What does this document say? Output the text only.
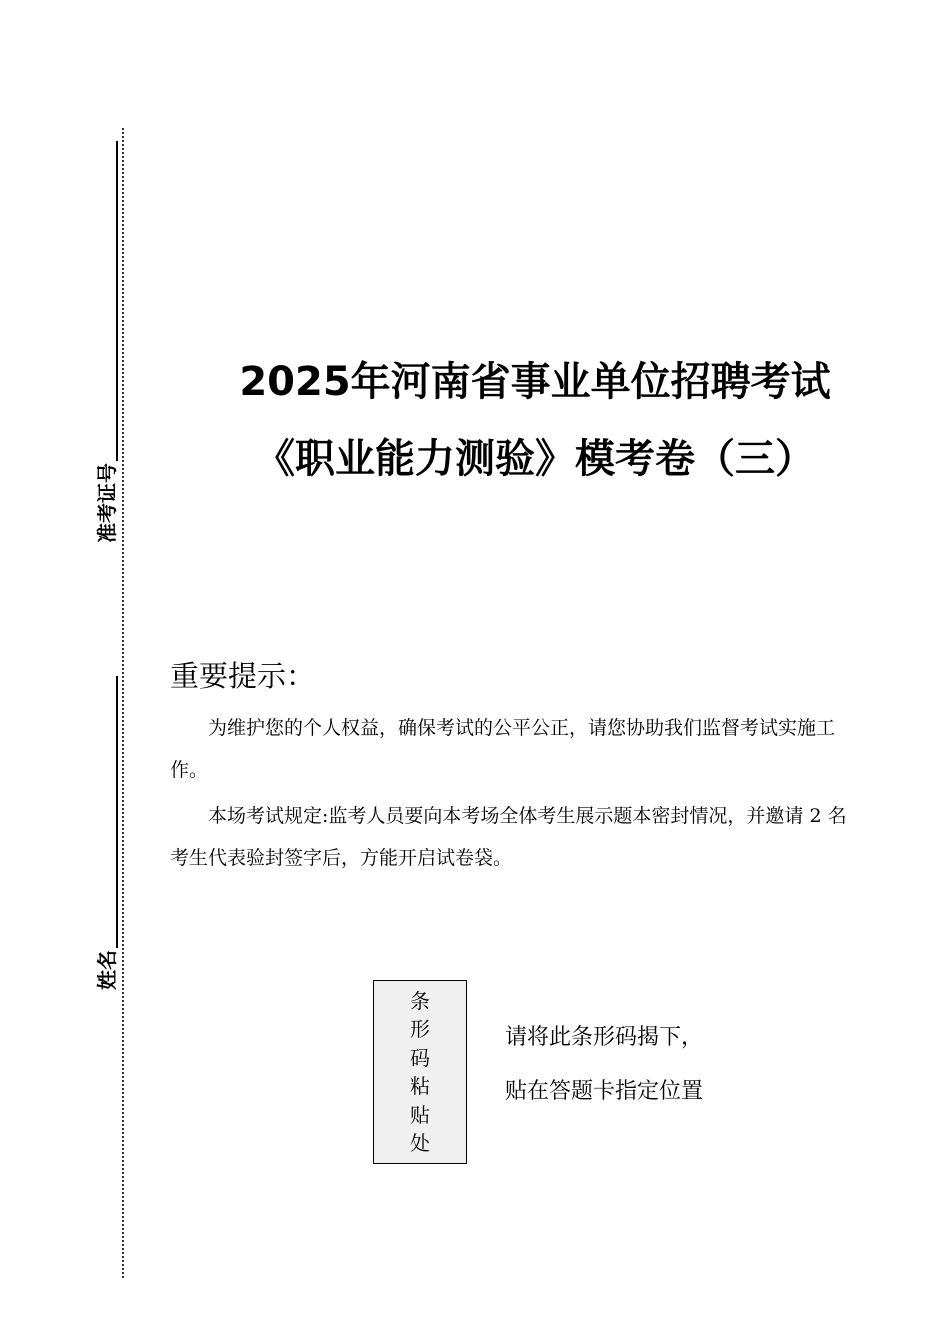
准考证号
姓名
2025年河南省事业单位招聘考试
《职业能力测验》模考卷（三）
重要提示：

为维护您的个人权益，确保考试的公平公正，请您协助我们监督考试实施工作。

本场考试规定:监考人员要向本考场全体考生展示题本密封情况，并邀请 2 名考生代表验封签字后，方能开启试卷袋。

条
形
码
粘
贴
处
请将此条形码揭下，
贴在答题卡指定位置
